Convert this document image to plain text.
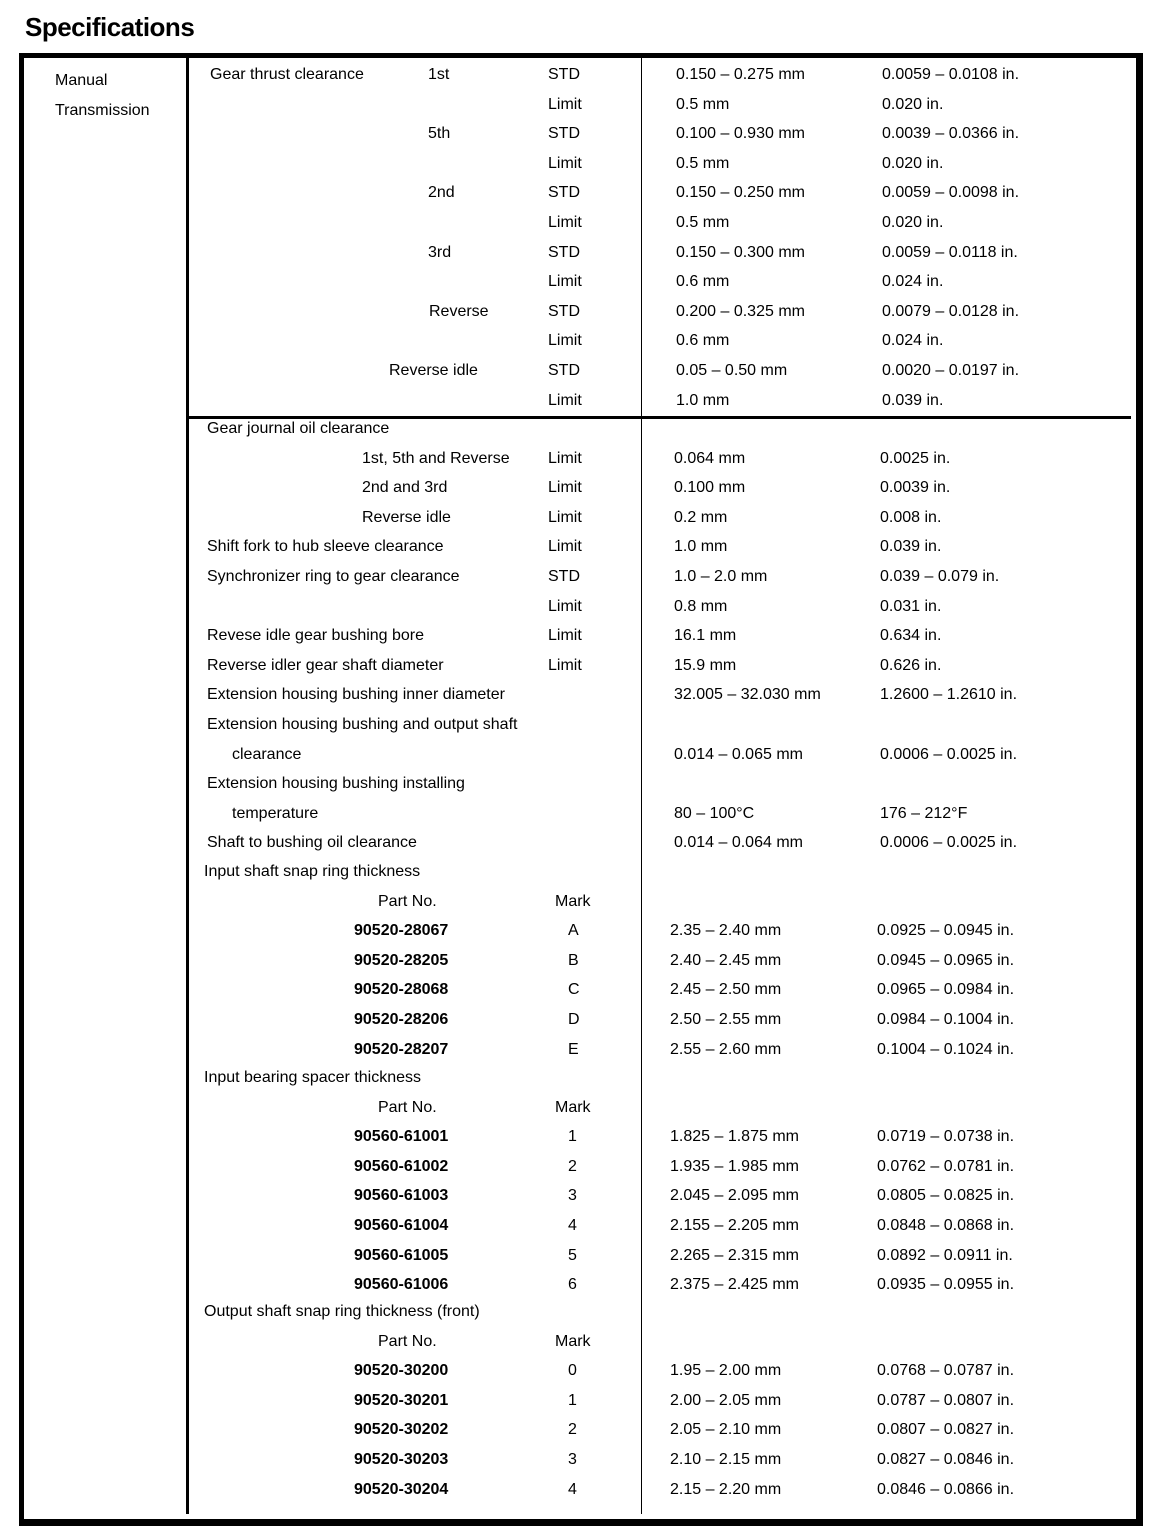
Specifications
Manual
Transmission
Gear thrust clearance	1st	STD	0.150 – 0.275 mm	0.0059 – 0.0108 in.
Limit	0.5 mm	0.020 in.
5th	STD	0.100 – 0.930 mm	0.0039 – 0.0366 in.
Limit	0.5 mm	0.020 in.
2nd	STD	0.150 – 0.250 mm	0.0059 – 0.0098 in.
Limit	0.5 mm	0.020 in.
3rd	STD	0.150 – 0.300 mm	0.0059 – 0.0118 in.
Limit	0.6 mm	0.024 in.
Reverse	STD	0.200 – 0.325 mm	0.0079 – 0.0128 in.
Limit	0.6 mm	0.024 in.
Reverse idle	STD	0.05 – 0.50 mm	0.0020 – 0.0197 in.
Limit	1.0 mm	0.039 in.
Gear journal oil clearance
1st, 5th and Reverse Limit	0.064 mm	0.0025 in.
2nd and 3rd	Limit	0.100 mm	0.0039 in.
Reverse idle	Limit	0.2 mm	0.008 in.
Shift fork to hub sleeve clearance	Limit	1.0 mm	0.039 in.
Synchronizer ring to gear clearance	STD	1.0 – 2.0 mm	0.039 – 0.079 in.
Limit	0.8 mm	0.031 in.
Revese idle gear bushing bore	Limit	16.1 mm	0.634 in.
Reverse idler gear shaft diameter	Limit	15.9 mm	0.626 in.
Extension housing bushing inner diameter	32.005 – 32.030 mm	1.2600 – 1.2610 in.
Extension housing bushing and output shaft
clearance	0.014 – 0.065 mm	0.0006 – 0.0025 in.
Extension housing bushing installing
temperature	80 – 100°C	176 – 212°F
Shaft to bushing oil clearance	0.014 – 0.064 mm	0.0006 – 0.0025 in.
Input shaft snap ring thickness
Part No.	Mark
90520-28067	A	2.35 – 2.40 mm	0.0925 – 0.0945 in.
90520-28205	B	2.40 – 2.45 mm	0.0945 – 0.0965 in.
90520-28068	C	2.45 – 2.50 mm	0.0965 – 0.0984 in.
90520-28206	D	2.50 – 2.55 mm	0.0984 – 0.1004 in.
90520-28207	E	2.55 – 2.60 mm	0.1004 – 0.1024 in.
Input bearing spacer thickness
Part No.	Mark
90560-61001	1	1.825 – 1.875 mm	0.0719 – 0.0738 in.
90560-61002	2	1.935 – 1.985 mm	0.0762 – 0.0781 in.
90560-61003	3	2.045 – 2.095 mm	0.0805 – 0.0825 in.
90560-61004	4	2.155 – 2.205 mm	0.0848 – 0.0868 in.
90560-61005	5	2.265 – 2.315 mm	0.0892 – 0.0911 in.
90560-61006	6	2.375 – 2.425 mm	0.0935 – 0.0955 in.
Output shaft snap ring thickness (front)
Part No.	Mark
90520-30200	0	1.95 – 2.00 mm	0.0768 – 0.0787 in.
90520-30201	1	2.00 – 2.05 mm	0.0787 – 0.0807 in.
90520-30202	2	2.05 – 2.10 mm	0.0807 – 0.0827 in.
90520-30203	3	2.10 – 2.15 mm	0.0827 – 0.0846 in.
90520-30204	4	2.15 – 2.20 mm	0.0846 – 0.0866 in.
